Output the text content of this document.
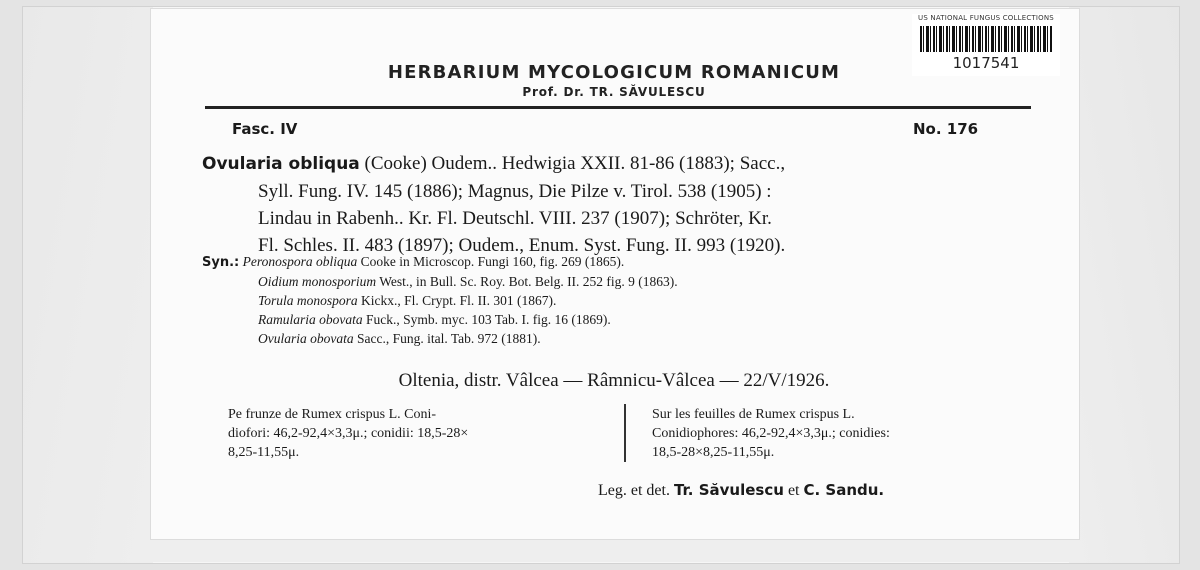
US NATIONAL FUNGUS COLLECTIONS
1017541
HERBARIUM MYCOLOGICUM ROMANICUM
Prof. Dr. TR. SĂVULESCU
Fasc. IV	No. 176
Ovularia obliqua (Cooke) Oudem.. Hedwigia XXII. 81-86 (1883); Sacc.,
Syll. Fung. IV. 145 (1886); Magnus, Die Pilze v. Tirol. 538 (1905) :
Lindau in Rabenh.. Kr. Fl. Deutschl. VIII. 237 (1907); Schröter, Kr.
Fl. Schles. II. 483 (1897); Oudem., Enum. Syst. Fung. II. 993 (1920).
Syn.: Peronospora obliqua Cooke in Microscop. Fungi 160, fig. 269 (1865).
Oidium monosporium West., in Bull. Sc. Roy. Bot. Belg. II. 252 fig. 9 (1863).
Torula monospora Kickx., Fl. Crypt. Fl. II. 301 (1867).
Ramularia obovata Fuck., Symb. myc. 103 Tab. I. fig. 16 (1869).
Ovularia obovata Sacc., Fung. ital. Tab. 972 (1881).
Oltenia, distr. Vâlcea — Râmnicu-Vâlcea — 22/V/1926.
Pe frunze de Rumex crispus L. Coni-
diofori: 46,2-92,4×3,3μ.; conidii: 18,5-28×
8,25-11,55μ.
Sur les feuilles de Rumex crispus L.
Conidiophores: 46,2-92,4×3,3μ.; conidies:
18,5-28×8,25-11,55μ.
Leg. et det. Tr. Săvulescu et C. Sandu.
